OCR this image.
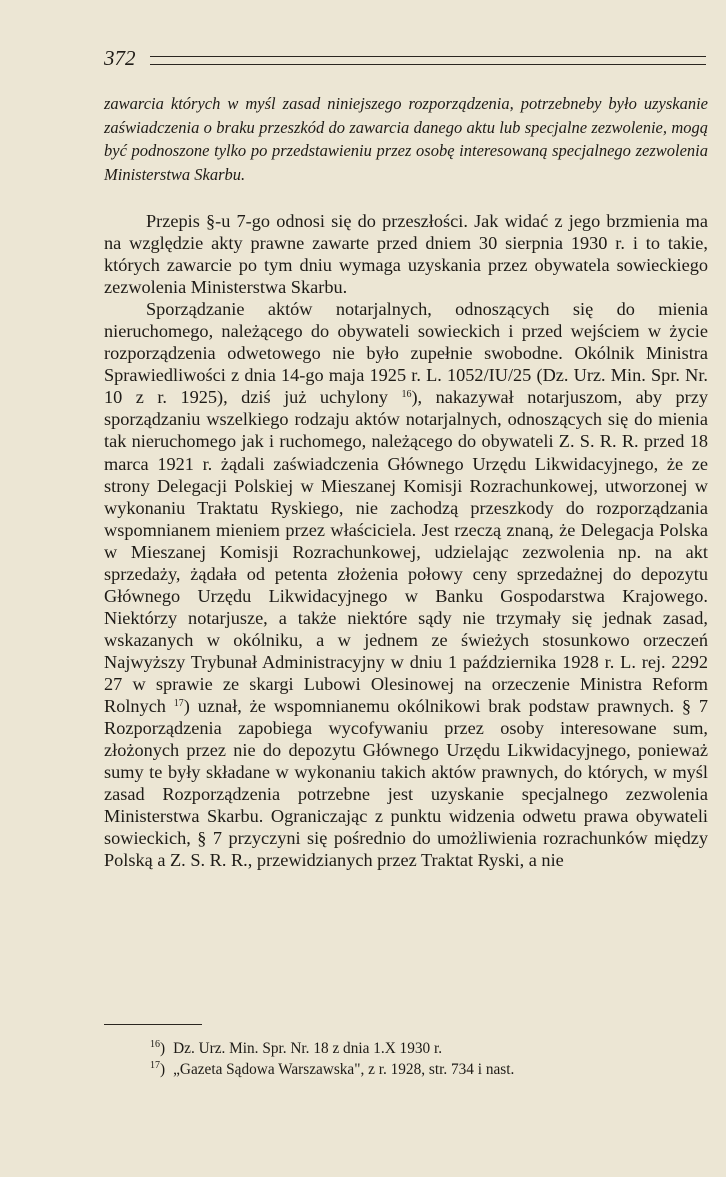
372

zawarcia których w myśl zasad niniejszego rozporządzenia, potrzebneby było uzyskanie zaświadczenia o braku przeszkód do zawarcia danego aktu lub specjalne zezwolenie, mogą być podnoszone tylko po przedstawieniu przez osobę interesowaną specjalnego zezwolenia Ministerstwa Skarbu.

Przepis §-u 7-go odnosi się do przeszłości. Jak widać z jego brzmienia ma na względzie akty prawne zawarte przed dniem 30 sierpnia 1930 r. i to takie, których zawarcie po tym dniu wymaga uzyskania przez obywatela sowieckiego zezwolenia Ministerstwa Skarbu.

Sporządzanie aktów notarjalnych, odnoszących się do mienia nieruchomego, należącego do obywateli sowieckich i przed wejściem w życie rozporządzenia odwetowego nie było zupełnie swobodne. Okólnik Ministra Sprawiedliwości z dnia 14-go maja 1925 r. L. 1052/IU/25 (Dz. Urz. Min. Spr. Nr. 10 z r. 1925), dziś już uchylony $^{16}$), nakazywał notarjuszom, aby przy sporządzaniu wszelkiego rodzaju aktów notarjalnych, odnoszących się do mienia tak nieruchomego jak i ruchomego, należącego do obywateli Z. S. R. R. przed 18 marca 1921 r. żądali zaświadczenia Głównego Urzędu Likwidacyjnego, że ze strony Delegacji Polskiej w Mieszanej Komisji Rozrachunkowej, utworzonej w wykonaniu Traktatu Ryskiego, nie zachodzą przeszkody do rozporządzania wspomnianem mieniem przez właściciela. Jest rzeczą znaną, że Delegacja Polska w Mieszanej Komisji Rozrachunkowej, udzielając zezwolenia np. na akt sprzedaży, żądała od petenta złożenia połowy ceny sprzedażnej do depozytu Głównego Urzędu Likwidacyjnego w Banku Gospodarstwa Krajowego. Niektórzy notarjusze, a także niektóre sądy nie trzymały się jednak zasad, wskazanych w okólniku, a w jednem ze świeżych stosunkowo orzeczeń Najwyższy Trybunał Administracyjny w dniu 1 października 1928 r. L. rej. 2292 27 w sprawie ze skargi Lubowi Olesinowej na orzeczenie Ministra Reform Rolnych $^{17}$) uznał, że wspomnianemu okólnikowi brak podstaw prawnych. § 7 Rozporządzenia zapobiega wycofywaniu przez osoby interesowane sum, złożonych przez nie do depozytu Głównego Urzędu Likwidacyjnego, ponieważ sumy te były składane w wykonaniu takich aktów prawnych, do których, w myśl zasad Rozporządzenia potrzebne jest uzyskanie specjalnego zezwolenia Ministerstwa Skarbu. Ograniczając z punktu widzenia odwetu prawa obywateli sowieckich, § 7 przyczyni się pośrednio do umożliwienia rozrachunków między Polską a Z. S. R. R., przewidzianych przez Traktat Ryski, a nie

$^{16}$) Dz. Urz. Min. Spr. Nr. 18 z dnia 1.X 1930 r.

$^{17}$) „Gazeta Sądowa Warszawska", z r. 1928, str. 734 i nast.
